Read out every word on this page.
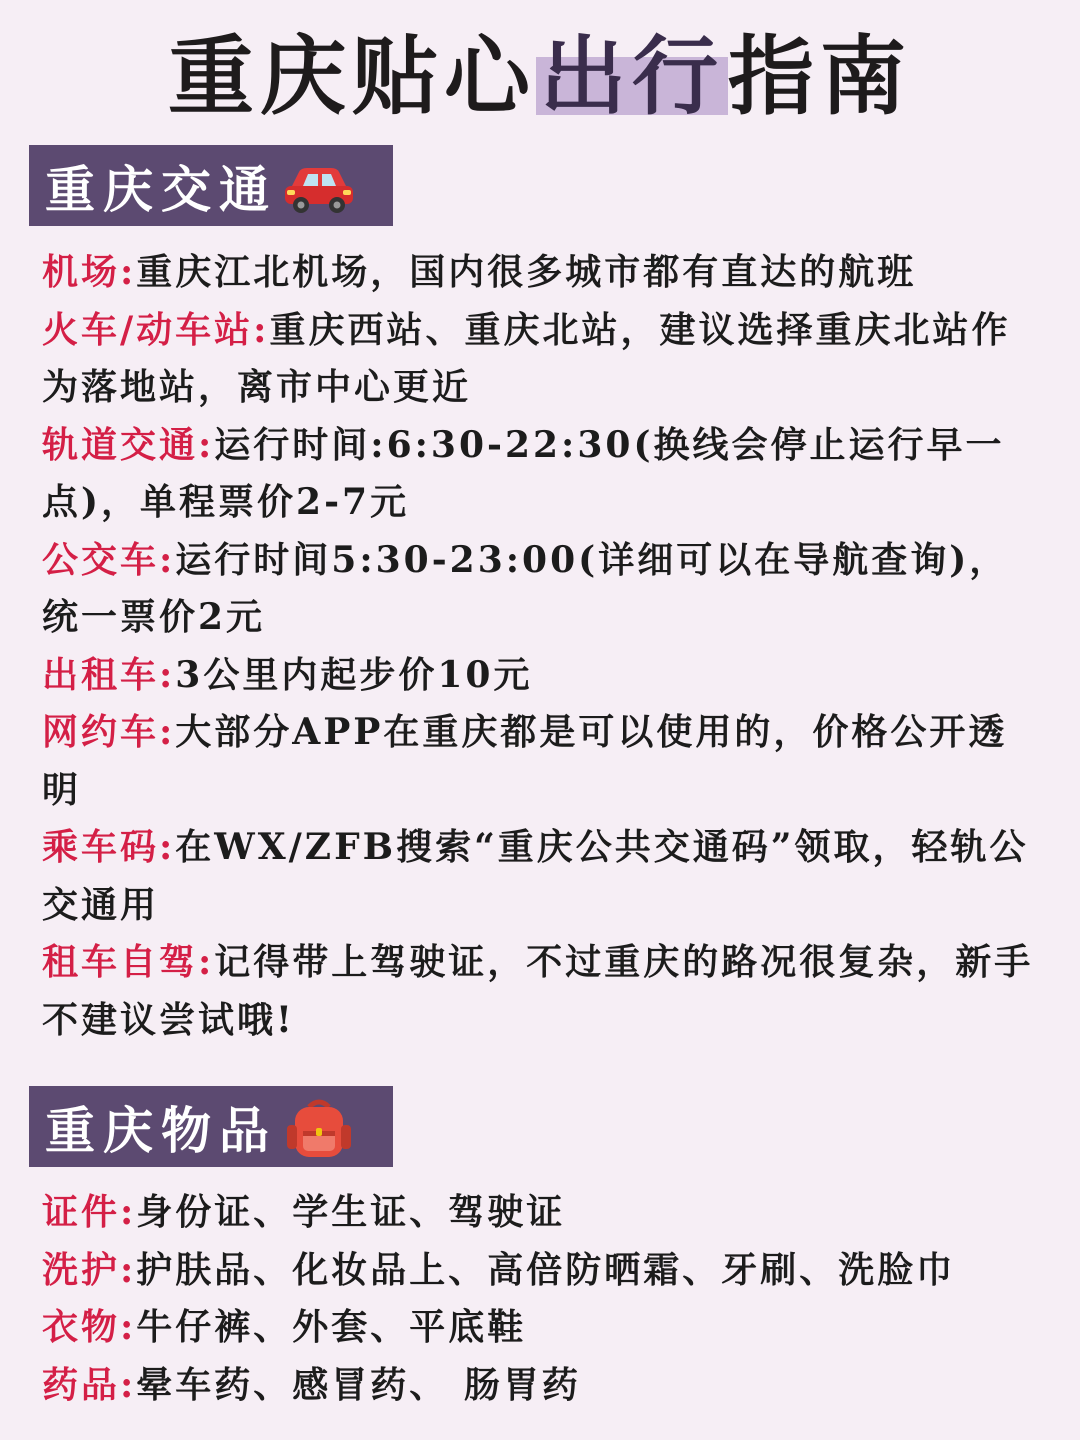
重庆贴心出行指南
重庆交通

机场:重庆江北机场，国内很多城市都有直达的航班

火车/动车站:重庆西站、重庆北站，建议选择重庆北站作为落地站，离市中心更近

轨道交通:运行时间:6:30-22:30(换线会停止运行早一点)，单程票价2-7元

公交车:运行时间5:30-23:00(详细可以在导航查询)，统一票价2元

出租车:3公里内起步价10元

网约车:大部分APP在重庆都是可以使用的，价格公开透明

乘车码:在WX/ZFB搜索“重庆公共交通码”领取，轻轨公交通用

租车自驾:记得带上驾驶证，不过重庆的路况很复杂，新手不建议尝试哦!

重庆物品

证件:身份证、学生证、驾驶证

洗护:护肤品、化妆品上、高倍防晒霜、牙刷、洗脸巾

衣物:牛仔裤、外套、平底鞋

药品:晕车药、感冒药、 肠胃药
